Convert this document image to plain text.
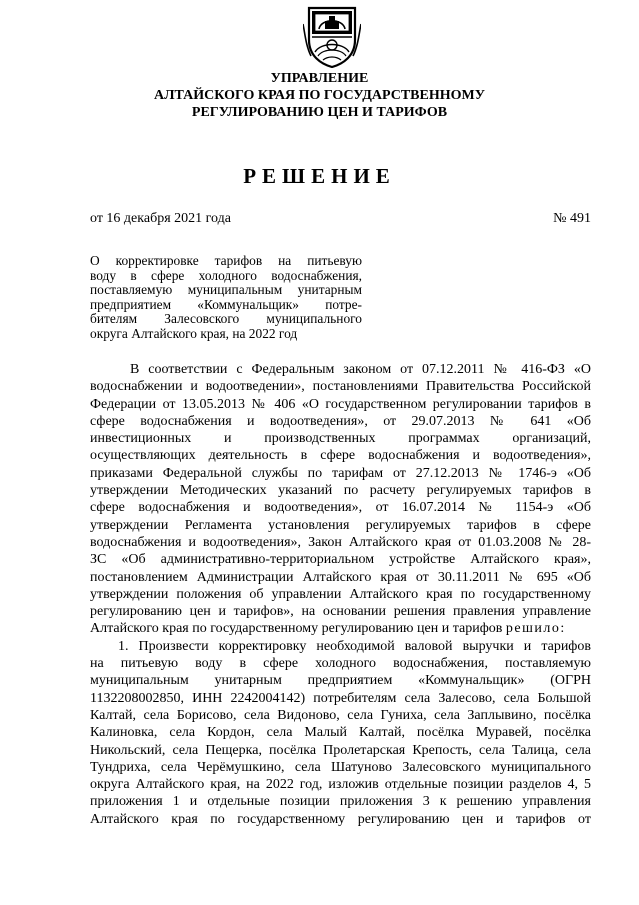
УПРАВЛЕНИЕ
АЛТАЙСКОГО КРАЯ ПО ГОСУДАРСТВЕННОМУ
РЕГУЛИРОВАНИЮ ЦЕН И ТАРИФОВ
РЕШЕНИЕ
от 16 декабря 2021 года	№ 491
О корректировке тарифов на питьевую
воду в сфере холодного водоснабжения,
поставляемую муниципальным унитарным
предприятием «Коммунальщик» потре-
бителям Залесовского муниципального
округа Алтайского края, на 2022 год
В соответствии с Федеральным законом от 07.12.2011 № 416-ФЗ «О
водоснабжении и водоотведении», постановлениями Правительства Российской
Федерации от 13.05.2013 № 406 «О государственном регулировании тарифов в
сфере водоснабжения и водоотведения», от 29.07.2013 № 641 «Об
инвестиционных и производственных программах организаций,
осуществляющих деятельность в сфере водоснабжения и водоотведения»,
приказами Федеральной службы по тарифам от 27.12.2013 № 1746-э «Об
утверждении Методических указаний по расчету регулируемых тарифов в
сфере водоснабжения и водоотведения», от 16.07.2014 № 1154-э «Об
утверждении Регламента установления регулируемых тарифов в сфере
водоснабжения и водоотведения», Закон Алтайского края от 01.03.2008 № 28-
ЗС «Об административно-территориальном устройстве Алтайского края»,
постановлением Администрации Алтайского края от 30.11.2011 № 695 «Об
утверждении положения об управлении Алтайского края по государственному
регулированию цен и тарифов», на основании решения правления управление
Алтайского края по государственному регулированию цен и тарифов решило:
1. Произвести корректировку необходимой валовой выручки и тарифов
на питьевую воду в сфере холодного водоснабжения, поставляемую
муниципальным унитарным предприятием «Коммунальщик» (ОГРН
1132208002850, ИНН 2242004142) потребителям села Залесово, села Большой
Калтай, села Борисово, села Видоново, села Гуниха, села Заплывино, посёлка
Калиновка, села Кордон, села Малый Калтай, посёлка Муравей, посёлка
Никольский, села Пещерка, посёлка Пролетарская Крепость, села Талица, села
Тундриха, села Черёмушкино, села Шатуново Залесовского муниципального
округа Алтайского края, на 2022 год, изложив отдельные позиции разделов 4, 5
приложения 1 и отдельные позиции приложения 3 к решению управления
Алтайского края по государственному регулированию цен и тарифов от
